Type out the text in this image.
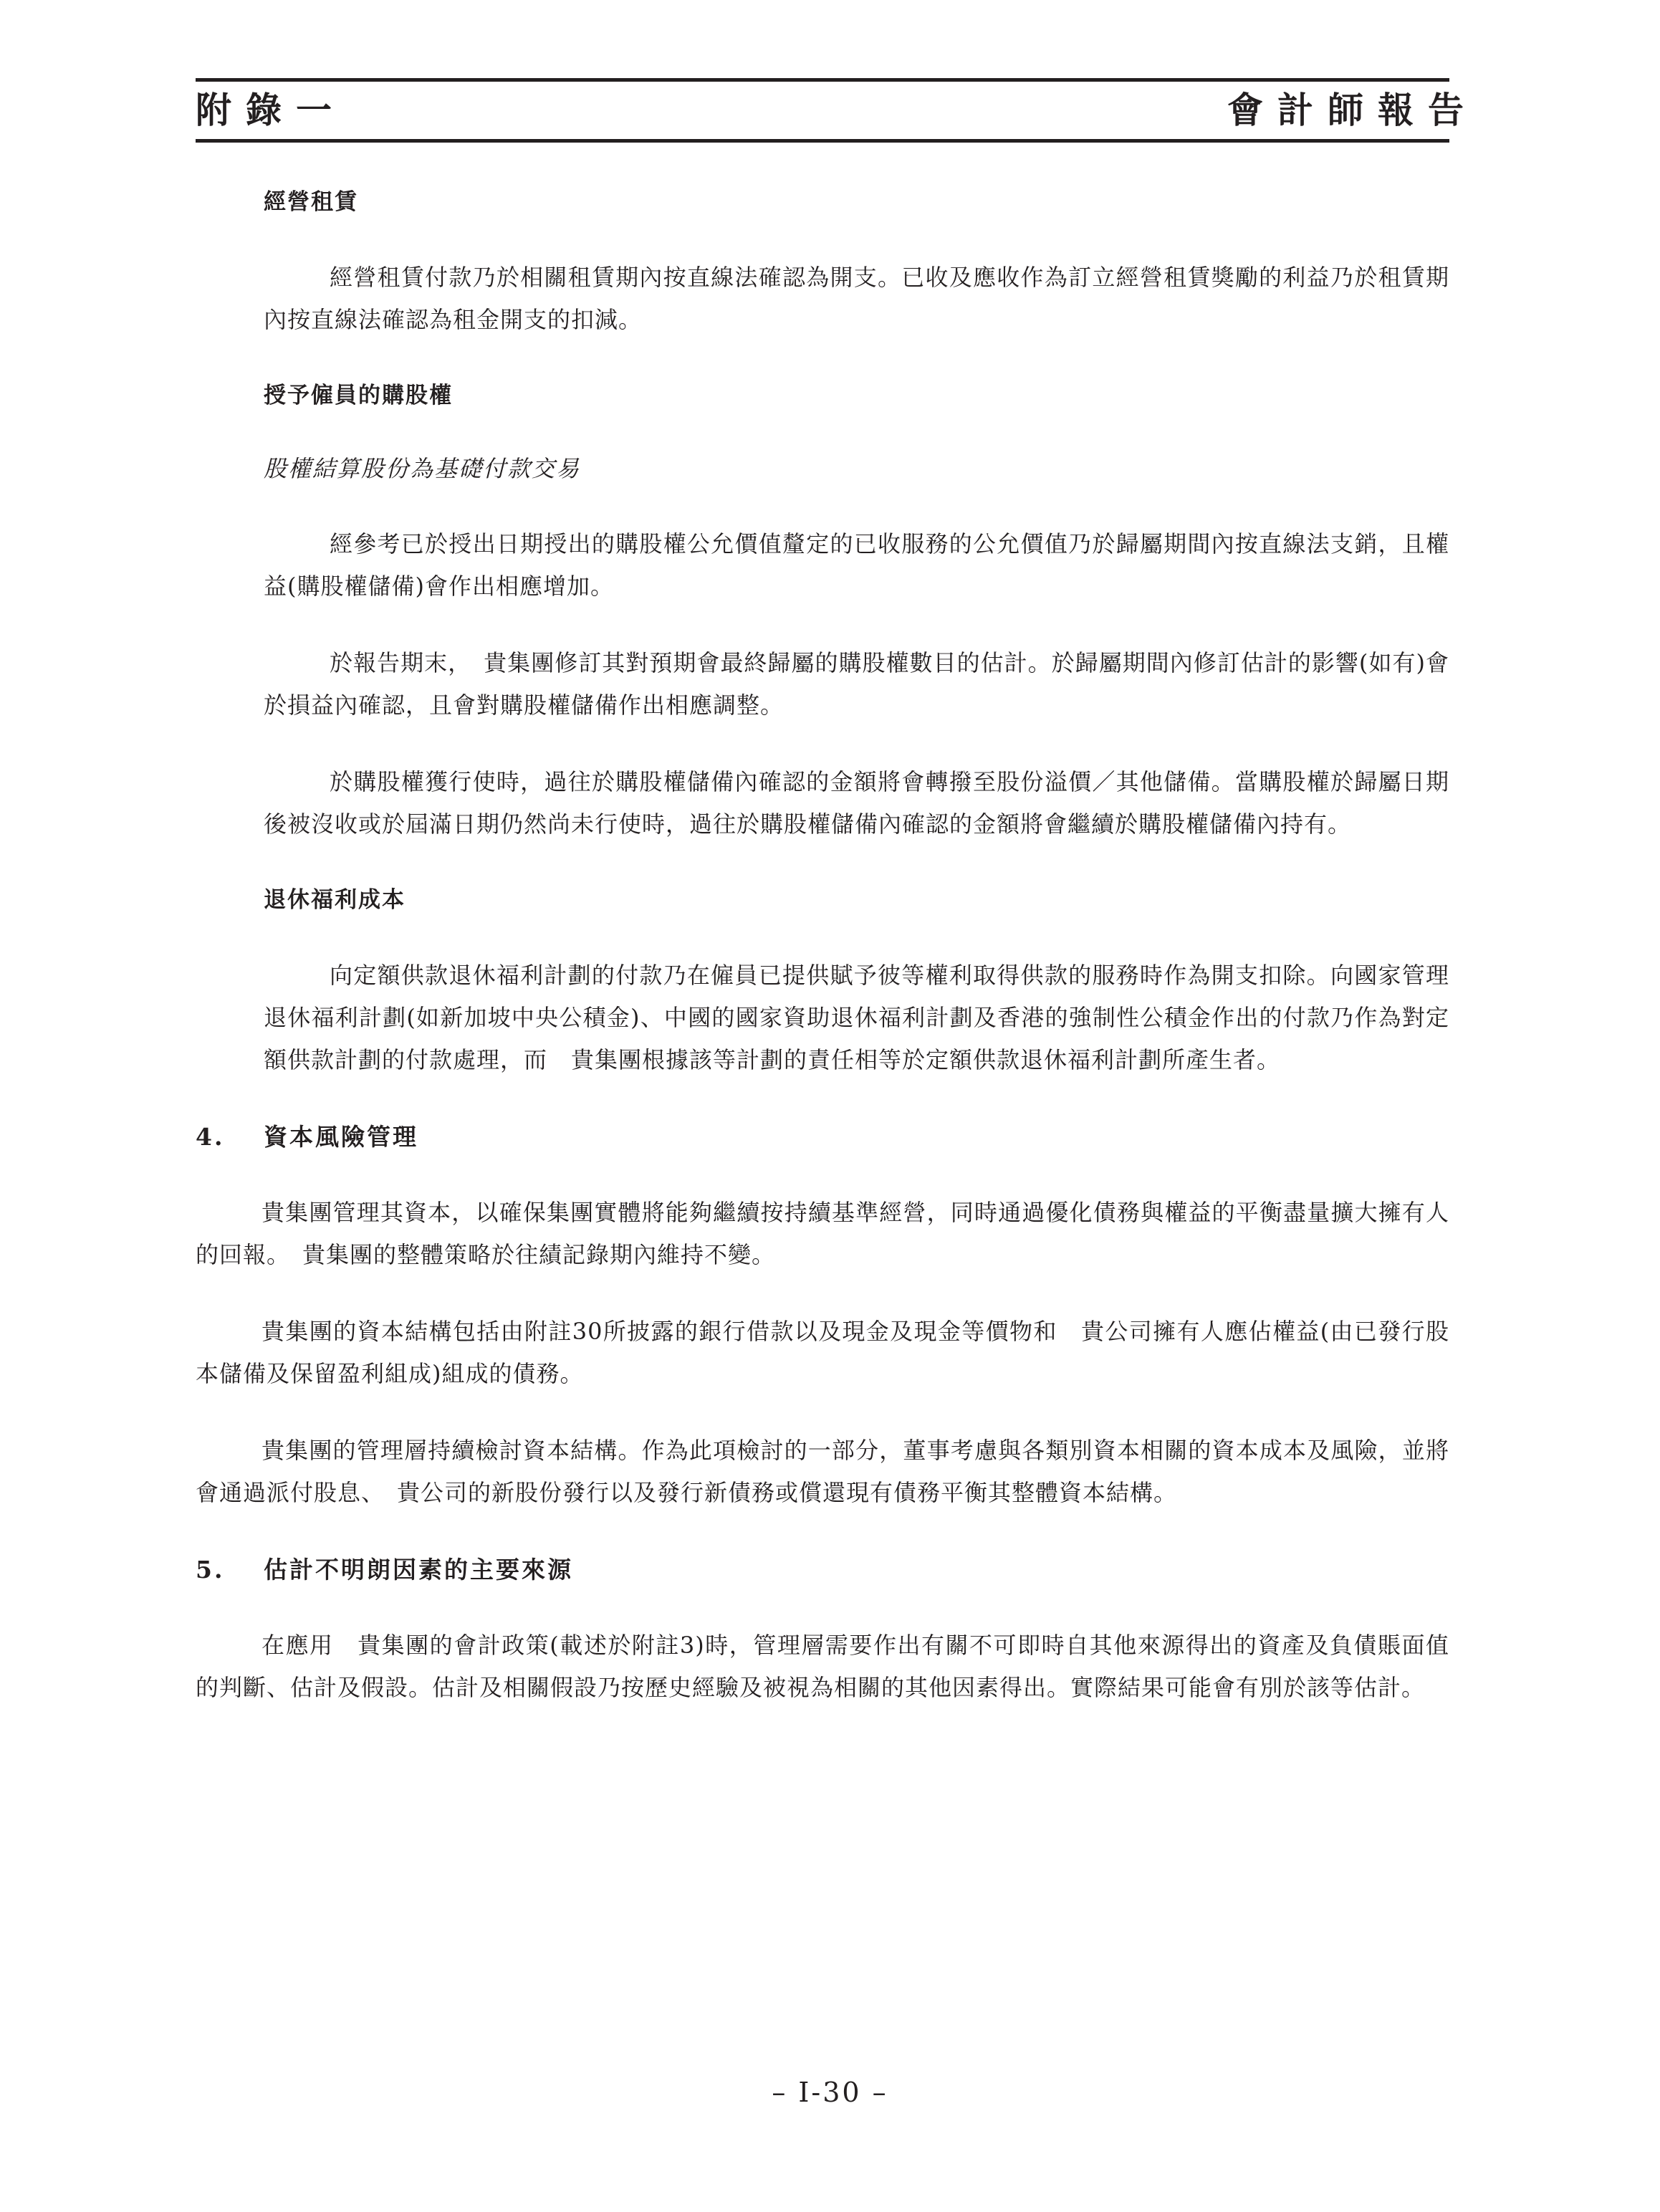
附錄一	會計師報告

經營租賃

經營租賃付款乃於相關租賃期內按直線法確認為開支。已收及應收作為訂立經營租賃獎勵的利益乃於租賃期內按直線法確認為租金開支的扣減。

授予僱員的購股權

股權結算股份為基礎付款交易

經參考已於授出日期授出的購股權公允價值釐定的已收服務的公允價值乃於歸屬期間內按直線法支銷，且權益(購股權儲備)會作出相應增加。

於報告期末，　貴集團修訂其對預期會最終歸屬的購股權數目的估計。於歸屬期間內修訂估計的影響(如有)會於損益內確認，且會對購股權儲備作出相應調整。

於購股權獲行使時，過往於購股權儲備內確認的金額將會轉撥至股份溢價／其他儲備。當購股權於歸屬日期後被沒收或於屆滿日期仍然尚未行使時，過往於購股權儲備內確認的金額將會繼續於購股權儲備內持有。

退休福利成本

向定額供款退休福利計劃的付款乃在僱員已提供賦予彼等權利取得供款的服務時作為開支扣除。向國家管理退休福利計劃(如新加坡中央公積金)、中國的國家資助退休福利計劃及香港的強制性公積金作出的付款乃作為對定額供款計劃的付款處理，而　貴集團根據該等計劃的責任相等於定額供款退休福利計劃所產生者。

4.	資本風險管理

貴集團管理其資本，以確保集團實體將能夠繼續按持續基準經營，同時通過優化債務與權益的平衡盡量擴大擁有人的回報。　貴集團的整體策略於往績記錄期內維持不變。

貴集團的資本結構包括由附註30所披露的銀行借款以及現金及現金等價物和　貴公司擁有人應佔權益(由已發行股本儲備及保留盈利組成)組成的債務。

貴集團的管理層持續檢討資本結構。作為此項檢討的一部分，董事考慮與各類別資本相關的資本成本及風險，並將會通過派付股息、　貴公司的新股份發行以及發行新債務或償還現有債務平衡其整體資本結構。

5.	估計不明朗因素的主要來源

在應用　貴集團的會計政策(載述於附註3)時，管理層需要作出有關不可即時自其他來源得出的資產及負債賬面值的判斷、估計及假設。估計及相關假設乃按歷史經驗及被視為相關的其他因素得出。實際結果可能會有別於該等估計。

– I-30 –
